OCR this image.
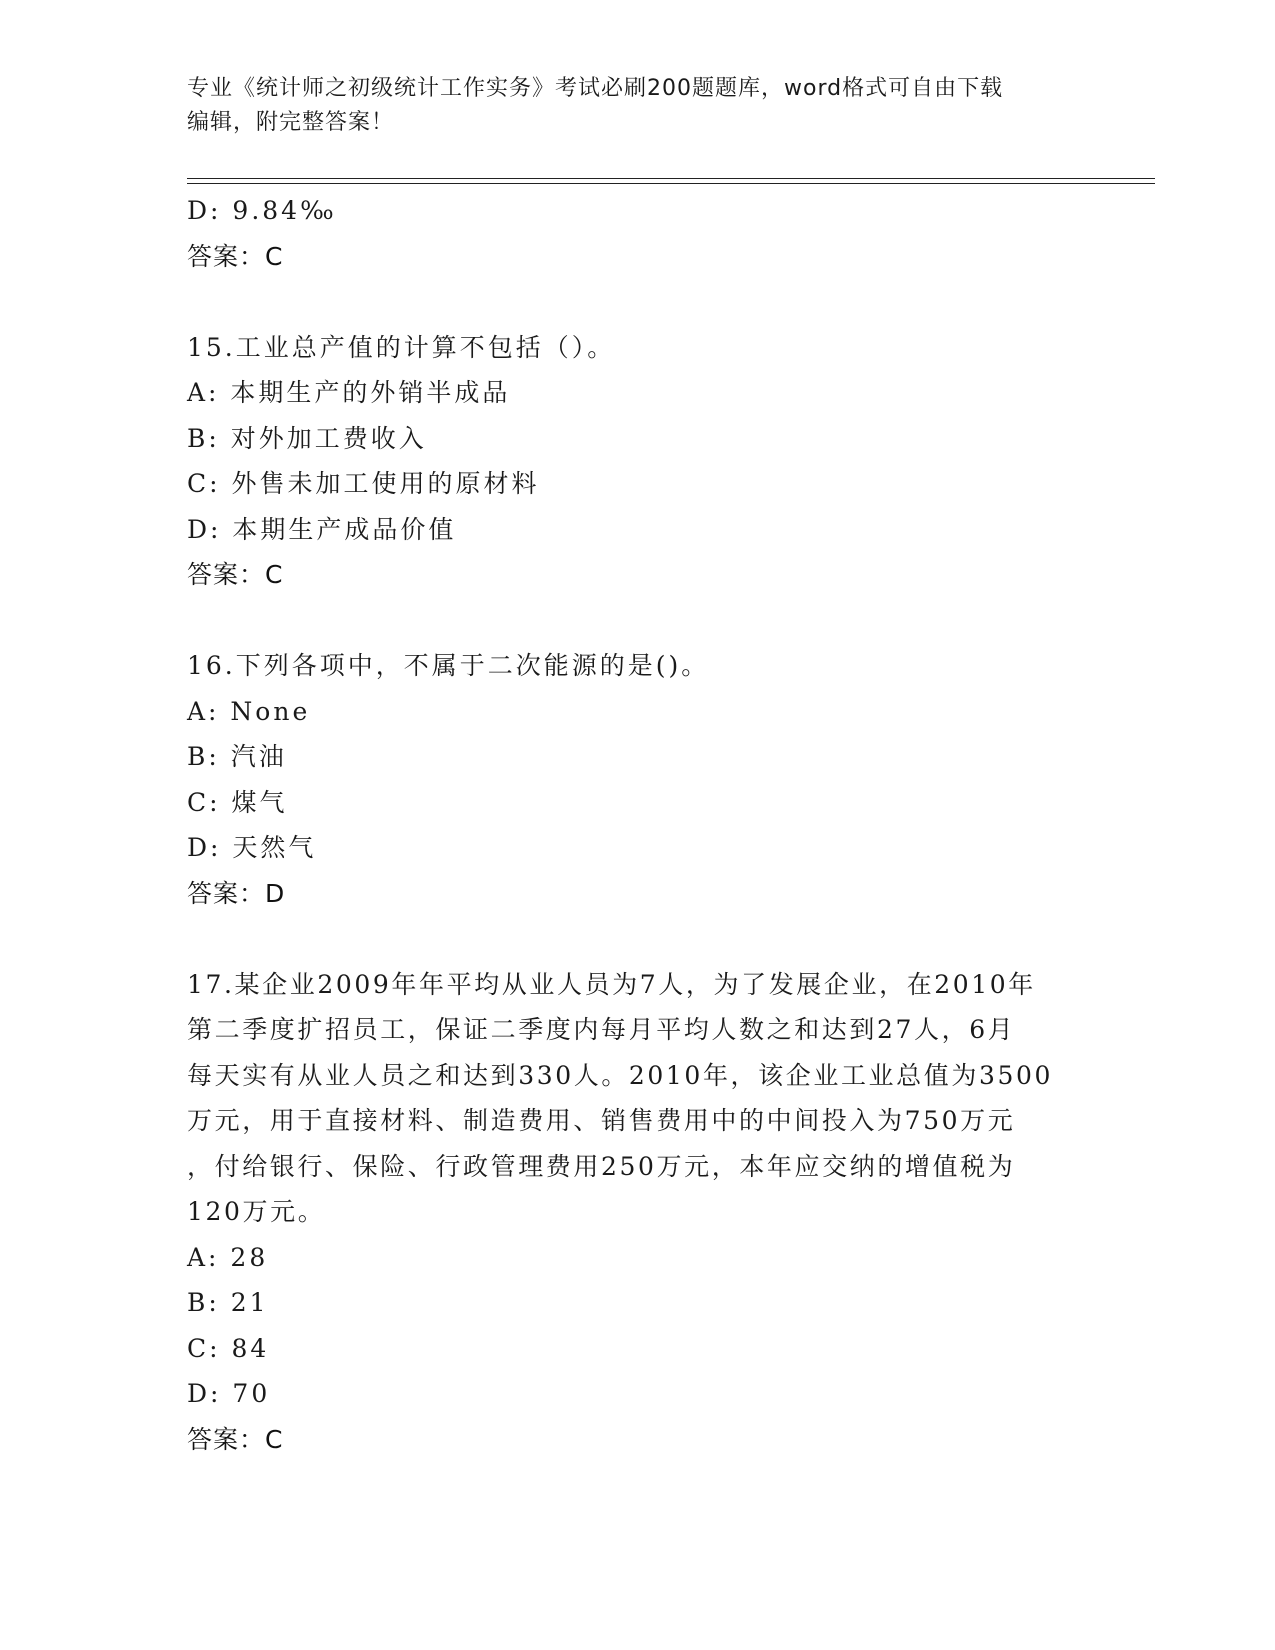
专业《统计师之初级统计工作实务》考试必刷200题题库，word格式可自由下载
编辑，附完整答案！
D: 9.84‰
答案：C
15.工业总产值的计算不包括（）。
A: 本期生产的外销半成品
B: 对外加工费收入
C: 外售未加工使用的原材料
D: 本期生产成品价值
答案：C
16.下列各项中，不属于二次能源的是()。
A: None
B: 汽油
C: 煤气
D: 天然气
答案：D
17.某企业2009年年平均从业人员为7人，为了发展企业，在2010年
第二季度扩招员工，保证二季度内每月平均人数之和达到27人，6月
每天实有从业人员之和达到330人。2010年，该企业工业总值为3500
万元，用于直接材料、制造费用、销售费用中的中间投入为750万元
，付给银行、保险、行政管理费用250万元，本年应交纳的增值税为
120万元。
A: 28
B: 21
C: 84
D: 70
答案：C
